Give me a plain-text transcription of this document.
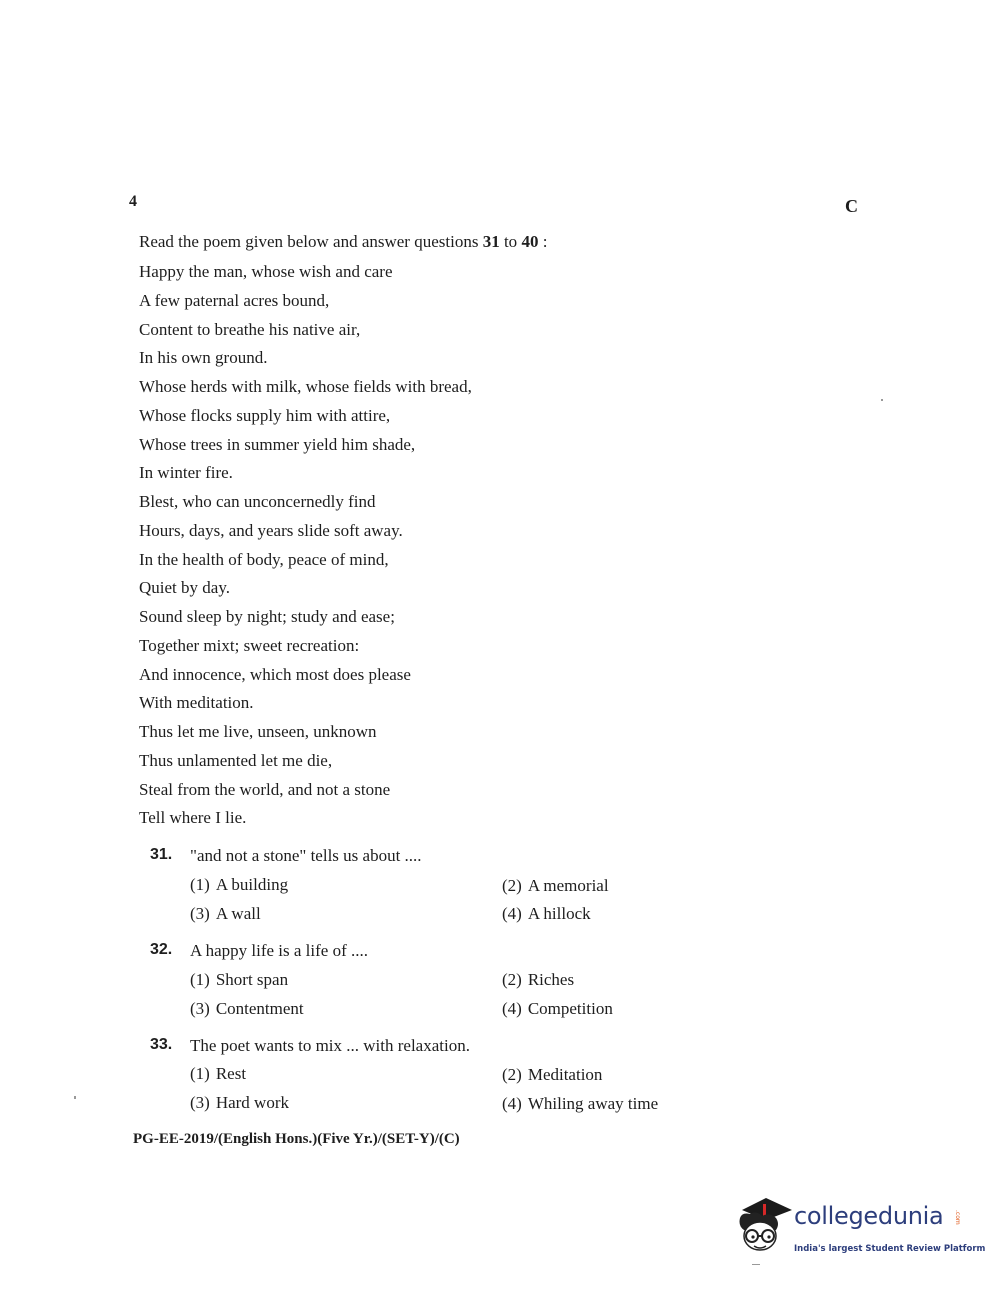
4	C
Read the poem given below and answer questions 31 to 40 :
Happy the man, whose wish and care
A few paternal acres bound,
Content to breathe his native air,
In his own ground.
Whose herds with milk, whose fields with bread,
Whose flocks supply him with attire,
Whose trees in summer yield him shade,
In winter fire.
Blest, who can unconcernedly find
Hours, days, and years slide soft away.
In the health of body, peace of mind,
Quiet by day.
Sound sleep by night; study and ease;
Together mixt; sweet recreation:
And innocence, which most does please
With meditation.
Thus let me live, unseen, unknown
Thus unlamented let me die,
Steal from the world, and not a stone
Tell where I lie.
31. "and not a stone" tells us about ....
(1) A building	(2) A memorial
(3) A wall	(4) A hillock
32. A happy life is a life of ....
(1) Short span	(2) Riches
(3) Contentment	(4) Competition
33. The poet wants to mix ... with relaxation.
(1) Rest	(2) Meditation
(3) Hard work	(4) Whiling away time
PG-EE-2019/(English Hons.)(Five Yr.)/(SET-Y)/(C)
collegedunia .com
India's largest Student Review Platform
